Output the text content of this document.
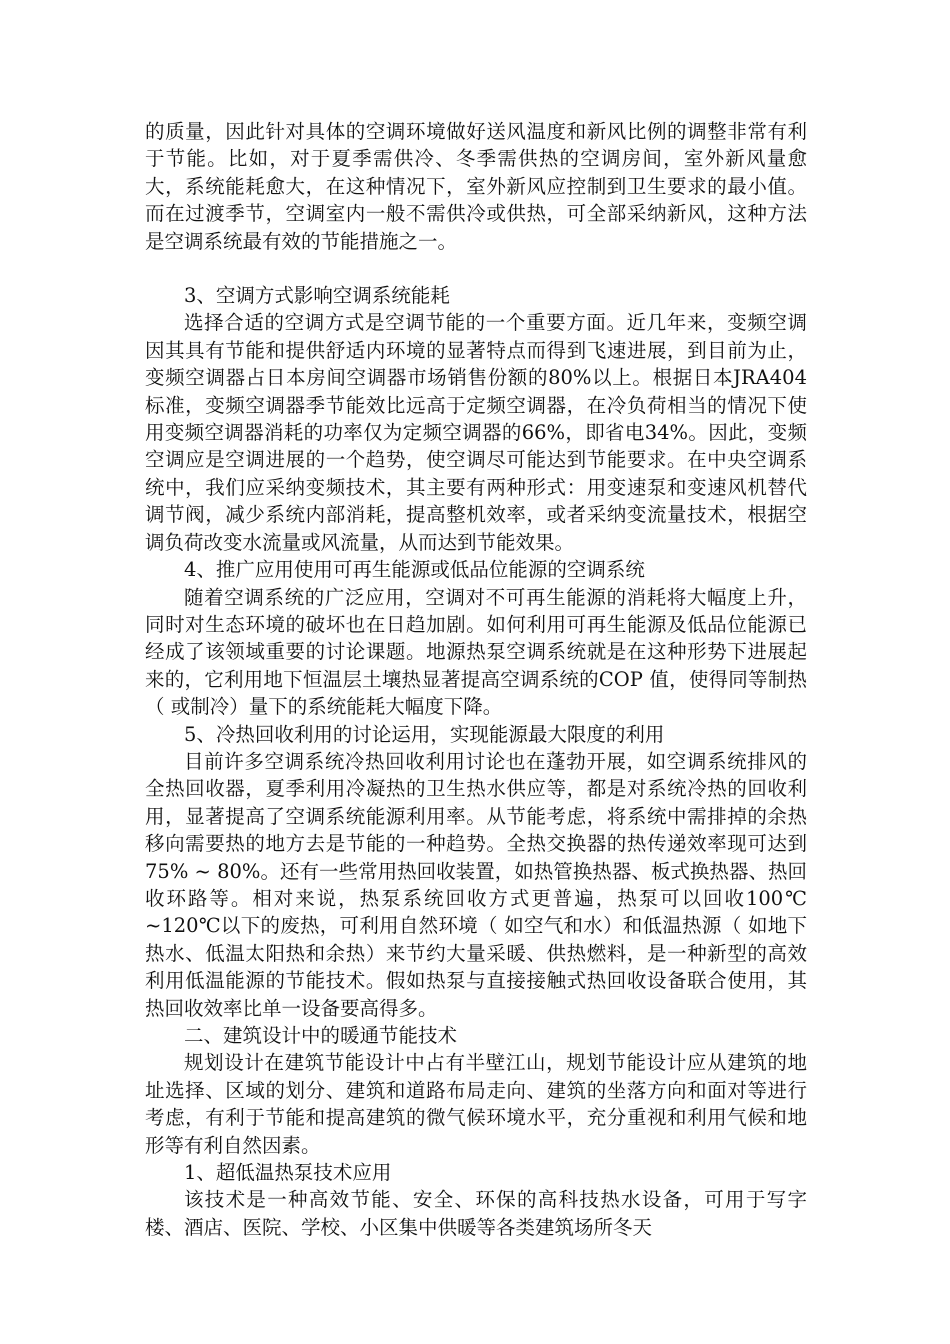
的质量，因此针对具体的空调环境做好送风温度和新风比例的调整非常有利于节能。比如，对于夏季需供冷、冬季需供热的空调房间，室外新风量愈大，系统能耗愈大，在这种情况下，室外新风应控制到卫生要求的最小值。而在过渡季节，空调室内一般不需供冷或供热，可全部采纳新风，这种方法是空调系统最有效的节能措施之一。

3、空调方式影响空调系统能耗

选择合适的空调方式是空调节能的一个重要方面。近几年来，变频空调因其具有节能和提供舒适内环境的显著特点而得到飞速进展，到目前为止，变频空调器占日本房间空调器市场销售份额的80%以上。根据日本JRA404 标准，变频空调器季节能效比远高于定频空调器，在冷负荷相当的情况下使用变频空调器消耗的功率仅为定频空调器的66%，即省电34%。因此，变频空调应是空调进展的一个趋势，使空调尽可能达到节能要求。在中央空调系统中，我们应采纳变频技术，其主要有两种形式：用变速泵和变速风机替代调节阀，减少系统内部消耗，提高整机效率，或者采纳变流量技术，根据空调负荷改变水流量或风流量，从而达到节能效果。

4、推广应用使用可再生能源或低品位能源的空调系统

随着空调系统的广泛应用，空调对不可再生能源的消耗将大幅度上升，同时对生态环境的破坏也在日趋加剧。如何利用可再生能源及低品位能源已经成了该领域重要的讨论课题。地源热泵空调系统就是在这种形势下进展起来的，它利用地下恒温层土壤热显著提高空调系统的COP 值，使得同等制热（ 或制冷）量下的系统能耗大幅度下降。

5、冷热回收利用的讨论运用，实现能源最大限度的利用

目前许多空调系统冷热回收利用讨论也在蓬勃开展，如空调系统排风的全热回收器，夏季利用冷凝热的卫生热水供应等，都是对系统冷热的回收利用，显著提高了空调系统能源利用率。从节能考虑，将系统中需排掉的余热移向需要热的地方去是节能的一种趋势。全热交换器的热传递效率现可达到75% ~ 80%。还有一些常用热回收装置，如热管换热器、板式换热器、热回收环路等。相对来说，热泵系统回收方式更普遍，热泵可以回收100℃ ~120℃以下的废热，可利用自然环境（ 如空气和水）和低温热源（ 如地下热水、低温太阳热和余热）来节约大量采暖、供热燃料，是一种新型的高效利用低温能源的节能技术。假如热泵与直接接触式热回收设备联合使用，其热回收效率比单一设备要高得多。

二、建筑设计中的暖通节能技术

规划设计在建筑节能设计中占有半壁江山，规划节能设计应从建筑的地址选择、区域的划分、建筑和道路布局走向、建筑的坐落方向和面对等进行考虑，有利于节能和提高建筑的微气候环境水平，充分重视和利用气候和地形等有利自然因素。

1、超低温热泵技术应用

该技术是一种高效节能、安全、环保的高科技热水设备，可用于写字楼、酒店、医院、学校、小区集中供暖等各类建筑场所冬天
